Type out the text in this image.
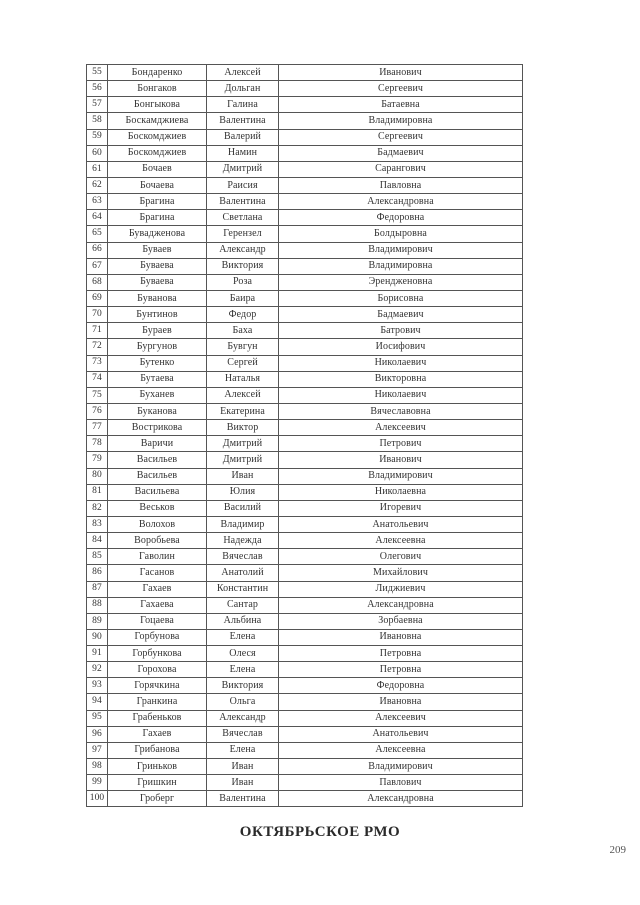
55	Бондаренко	Алексей	Иванович
56	Бонгаков	Дольган	Сергеевич
57	Бонгыкова	Галина	Батаевна
58	Боскамджиева	Валентина	Владимировна
59	Боскомджиев	Валерий	Сергеевич
60	Боскомджиев	Намин	Бадмаевич
61	Бочаев	Дмитрий	Сарангович
62	Бочаева	Раисия	Павловна
63	Брагина	Валентина	Александровна
64	Брагина	Светлана	Федоровна
65	Бувадженова	Герензел	Болдыровна
66	Буваев	Александр	Владимирович
67	Буваева	Виктория	Владимировна
68	Буваева	Роза	Эрендженовна
69	Буванова	Баира	Борисовна
70	Бунтинов	Федор	Бадмаевич
71	Бураев	Баха	Батрович
72	Бургунов	Бувгун	Иосифович
73	Бутенко	Сергей	Николаевич
74	Бутаева	Наталья	Викторовна
75	Буханев	Алексей	Николаевич
76	Буканова	Екатерина	Вячеславовна
77	Вострикова	Виктор	Алексеевич
78	Варичи	Дмитрий	Петрович
79	Васильев	Дмитрий	Иванович
80	Васильев	Иван	Владимирович
81	Васильева	Юлия	Николаевна
82	Веськов	Василий	Игоревич
83	Волохов	Владимир	Анатольевич
84	Воробьева	Надежда	Алексеевна
85	Гаволин	Вячеслав	Олегович
86	Гасанов	Анатолий	Михайлович
87	Гахаев	Константин	Лиджиевич
88	Гахаева	Сантар	Александровна
89	Гоцаева	Альбина	Зорбаевна
90	Горбунова	Елена	Ивановна
91	Горбункова	Олеся	Петровна
92	Горохова	Елена	Петровна
93	Горячкина	Виктория	Федоровна
94	Гранкина	Ольга	Ивановна
95	Грабеньков	Александр	Алексеевич
96	Гахаев	Вячеслав	Анатольевич
97	Грибанова	Елена	Алексеевна
98	Гриньков	Иван	Владимирович
99	Гришкин	Иван	Павлович
100	Гроберг	Валентина	Александровна
ОКТЯБРЬСКОЕ РМО
209
